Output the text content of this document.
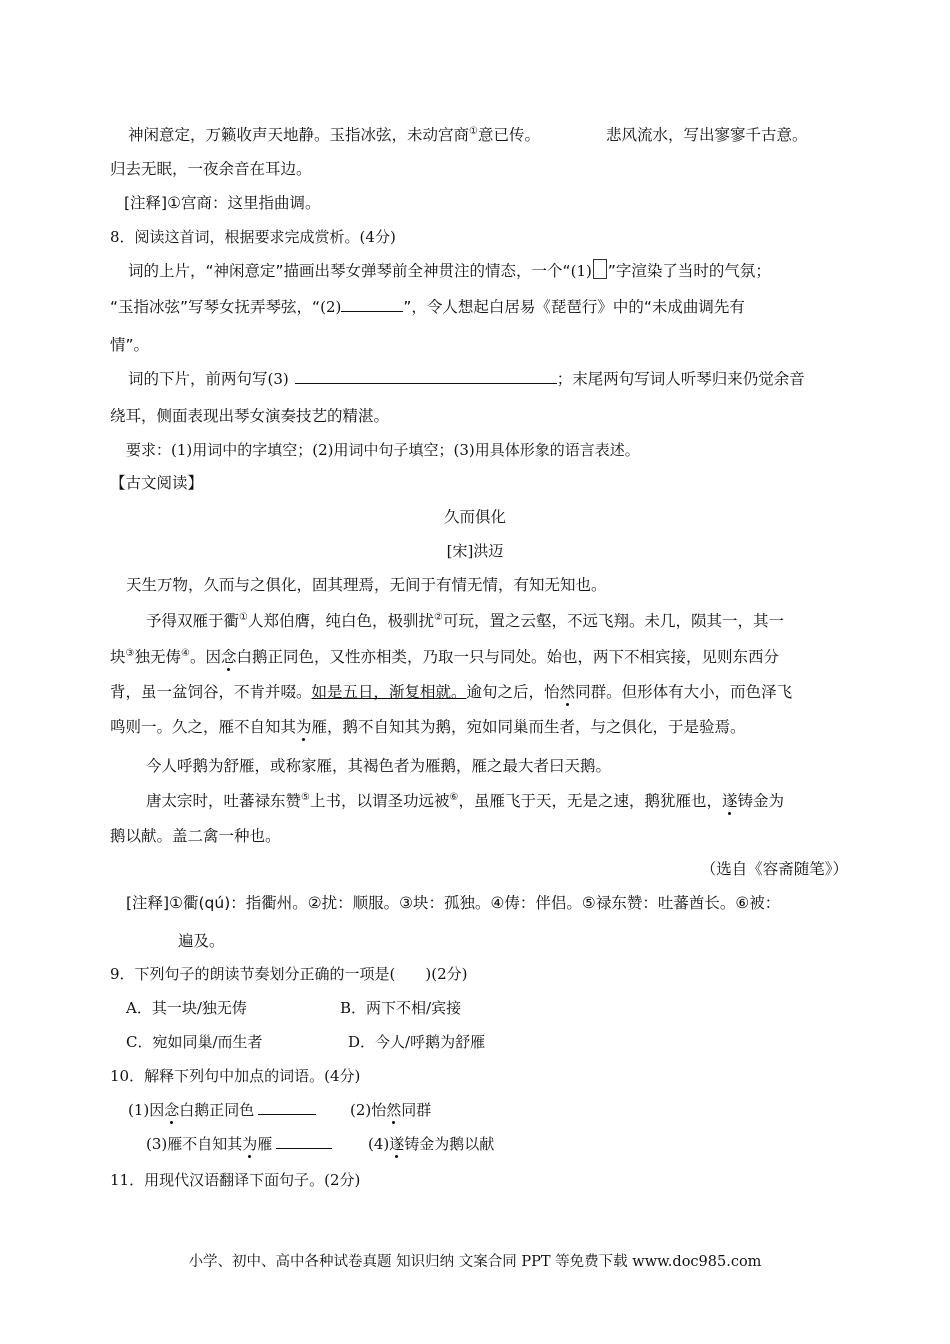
神闲意定，万籁收声天地静。玉指冰弦，未动宫商①意已传。	悲风流水，写出寥寥千古意。
归去无眠，一夜余音在耳边。
[注释]①宫商：这里指曲调。
8．阅读这首词，根据要求完成赏析。(4分)
词的上片，“神闲意定”描画出琴女弹琴前全神贯注的情态，一个“(1) ”字渲染了当时的气氛；
“玉指冰弦”写琴女抚弄琴弦，“(2)	”，令人想起白居易《琵琶行》中的“未成曲调先有
情”。
词的下片，前两句写(3)	；末尾两句写词人听琴归来仍觉余音
绕耳，侧面表现出琴女演奏技艺的精湛。
要求：(1)用词中的字填空；(2)用词中句子填空；(3)用具体形象的语言表述。
【古文阅读】
久而俱化
[宋]洪迈
天生万物，久而与之俱化，固其理焉，无间于有情无情，有知无知也。
予得双雁于衢①人郑伯膺，纯白色，极驯扰②可玩，置之云壑，不远飞翔。未几，陨其一，其一
块③独无俦④。因念白鹅正同色，又性亦相类，乃取一只与同处。始也，两下不相宾接，见则东西分
背，虽一盆饲谷，不肯并啜。如是五日，渐复相就。逾旬之后，怡然同群。但形体有大小，而色泽飞
鸣则一。久之，雁不自知其为雁，鹅不自知其为鹅，宛如同巢而生者，与之俱化，于是验焉。
今人呼鹅为舒雁，或称家雁，其褐色者为雁鹅，雁之最大者曰天鹅。
唐太宗时，吐蕃禄东赞⑤上书，以谓圣功远被⑥，虽雁飞于天，无是之速，鹅犹雁也，遂铸金为
鹅以献。盖二禽一种也。
（选自《容斋随笔》）
[注释]①衢(qú)：指衢州。②扰：顺服。③块：孤独。④俦：伴侣。⑤禄东赞：吐蕃酋长。⑥被：
遍及。
9．下列句子的朗读节奏划分正确的一项是(　　)(2分)
A．其一块/独无俦	B．两下不相/宾接
C．宛如同巢/而生者	D．今人/呼鹅为舒雁
10．解释下列句中加点的词语。(4分)
(1)因念白鹅正同色	(2)怡然同群
(3)雁不自知其为雁	(4)遂铸金为鹅以献
11．用现代汉语翻译下面句子。(2分)
小学、初中、高中各种试卷真题 知识归纳 文案合同 PPT 等免费下载 www.doc985.com
